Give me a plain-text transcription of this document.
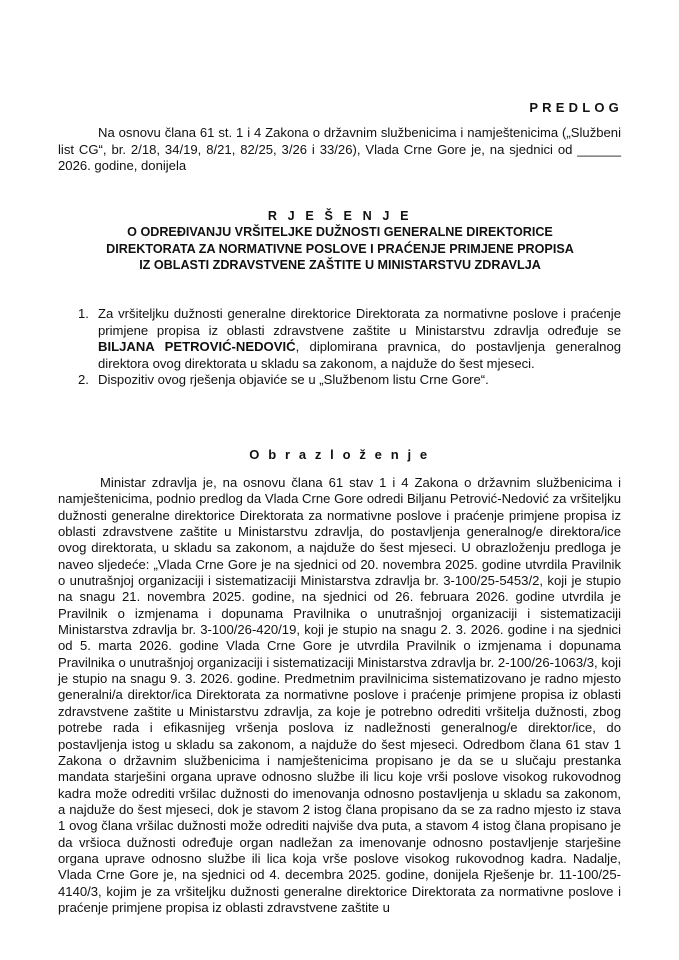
PREDLOG

Na osnovu člana 61 st. 1 i 4 Zakona o državnim službenicima i namještenicima („Službeni list CG“, br. 2/18, 34/19, 8/21, 82/25, 3/26 i 33/26), Vlada Crne Gore je, na sjednici od ______ 2026. godine, donijela

R J E Š E N J E
O ODREĐIVANJU VRŠITELJKE DUŽNOSTI GENERALNE DIREKTORICE
DIREKTORATA ZA NORMATIVNE POSLOVE I PRAĆENJE PRIMJENE PROPISA
IZ OBLASTI ZDRAVSTVENE ZAŠTITE U MINISTARSTVU ZDRAVLJA
1. Za vršiteljku dužnosti generalne direktorice Direktorata za normativne poslove i praćenje primjene propisa iz oblasti zdravstvene zaštite u Ministarstvu zdravlja određuje se BILJANA PETROVIĆ-NEDOVIĆ, diplomirana pravnica, do postavljenja generalnog direktora ovog direktorata u skladu sa zakonom, a najduže do šest mjeseci.
2. Dispozitiv ovog rješenja objaviće se u „Službenom listu Crne Gore“.
O b r a z l o ž e n j e

Ministar zdravlja je, na osnovu člana 61 stav 1 i 4 Zakona o državnim službenicima i namještenicima, podnio predlog da Vlada Crne Gore odredi Biljanu Petrović-Nedović za vršiteljku dužnosti generalne direktorice Direktorata za normativne poslove i praćenje primjene propisa iz oblasti zdravstvene zaštite u Ministarstvu zdravlja, do postavljenja generalnog/e direktora/ice ovog direktorata, u skladu sa zakonom, a najduže do šest mjeseci. U obrazloženju predloga je naveo sljedeće: „Vlada Crne Gore je na sjednici od 20. novembra 2025. godine utvrdila Pravilnik o unutrašnjoj organizaciji i sistematizaciji Ministarstva zdravlja br. 3-100/25-5453/2, koji je stupio na snagu 21. novembra 2025. godine, na sjednici od 26. februara 2026. godine utvrdila je Pravilnik o izmjenama i dopunama Pravilnika o unutrašnjoj organizaciji i sistematizaciji Ministarstva zdravlja br. 3-100/26-420/19, koji je stupio na snagu 2. 3. 2026. godine i na sjednici od 5. marta 2026. godine Vlada Crne Gore je utvrdila Pravilnik o izmjenama i dopunama Pravilnika o unutrašnjoj organizaciji i sistematizaciji Ministarstva zdravlja br. 2-100/26-1063/3, koji je stupio na snagu 9. 3. 2026. godine. Predmetnim pravilnicima sistematizovano je radno mjesto generalni/a direktor/ica Direktorata za normativne poslove i praćenje primjene propisa iz oblasti zdravstvene zaštite u Ministarstvu zdravlja, za koje je potrebno odrediti vršitelja dužnosti, zbog potrebe rada i efikasnijeg vršenja poslova iz nadležnosti generalnog/e direktor/ice, do postavljenja istog u skladu sa zakonom, a najduže do šest mjeseci. Odredbom člana 61 stav 1 Zakona o državnim službenicima i namještenicima propisano je da se u slučaju prestanka mandata starješini organa uprave odnosno službe ili licu koje vrši poslove visokog rukovodnog kadra može odrediti vršilac dužnosti do imenovanja odnosno postavljenja u skladu sa zakonom, a najduže do šest mjeseci, dok je stavom 2 istog člana propisano da se za radno mjesto iz stava 1 ovog člana vršilac dužnosti može odrediti najviše dva puta, a stavom 4 istog člana propisano je da vršioca dužnosti određuje organ nadležan za imenovanje odnosno postavljenje starješine organa uprave odnosno službe ili lica koja vrše poslove visokog rukovodnog kadra. Nadalje, Vlada Crne Gore je, na sjednici od 4. decembra 2025. godine, donijela Rješenje br. 11-100/25-4140/3, kojim je za vršiteljku dužnosti generalne direktorice Direktorata za normativne poslove i praćenje primjene propisa iz oblasti zdravstvene zaštite u
